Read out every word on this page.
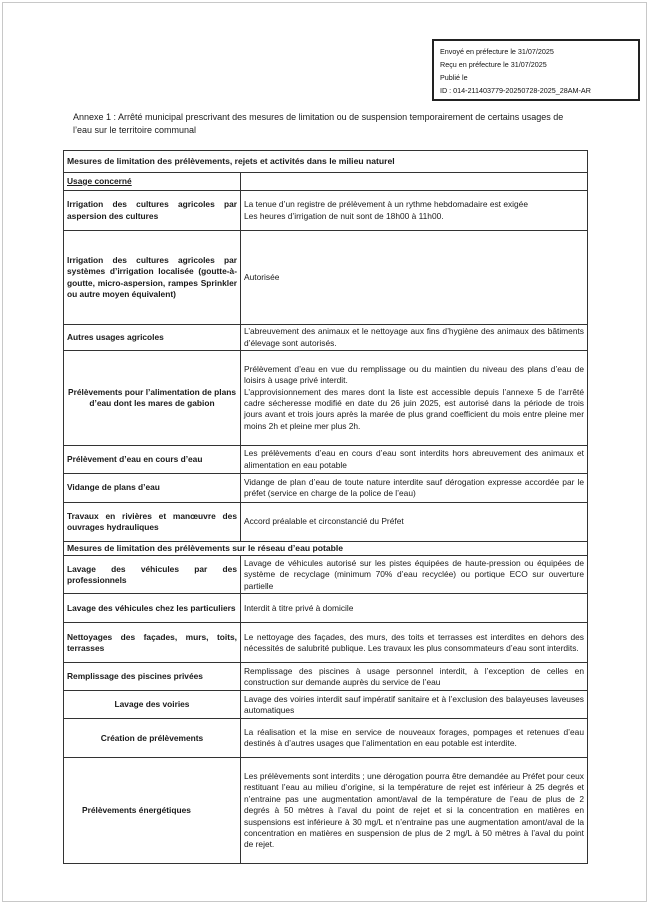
Envoyé en préfecture le 31/07/2025
Reçu en préfecture le 31/07/2025
Publié le
ID : 014-211403779-20250728-2025_28AM-AR
Annexe 1 : Arrêté municipal prescrivant des mesures de limitation ou de suspension temporairement de certains usages de l’eau sur le territoire communal
Mesures de limitation des prélèvements, rejets et activités dans le milieu naturel	
Usage concerné	
Irrigation des cultures agricoles par aspersion des cultures	La tenue d’un registre de prélèvement à un rythme hebdomadaire est exigée
Les heures d’irrigation de nuit sont de 18h00 à 11h00.
Irrigation des cultures agricoles par systèmes d’irrigation localisée (goutte-à-goutte, micro-aspersion, rampes Sprinkler ou autre moyen équivalent)	Autorisée
Autres usages agricoles	L’abreuvement des animaux et le nettoyage aux fins d’hygiène des animaux des bâtiments d’élevage sont autorisés.
Prélèvements pour l’alimentation de plans d’eau dont les mares de gabion	Prélèvement d’eau en vue du remplissage ou du maintien du niveau des plans d’eau de loisirs à usage privé interdit.
L’approvisionnement des mares dont la liste est accessible depuis l’annexe 5 de l’arrêté cadre sécheresse modifié en date du 26 juin 2025, est autorisé dans la période de trois jours avant et trois jours après la marée de plus grand coefficient du mois entre pleine mer moins 2h et pleine mer plus 2h.
Prélèvement d’eau en cours d’eau	Les prélèvements d’eau en cours d’eau sont interdits hors abreuvement des animaux et alimentation en eau potable
Vidange de plans d’eau	Vidange de plan d’eau de toute nature interdite sauf dérogation expresse accordée par le préfet (service en charge de la police de l’eau)
Travaux en rivières et manœuvre des ouvrages hydrauliques	Accord préalable et circonstancié du Préfet
Mesures de limitation des prélèvements sur le réseau d’eau potable	
Lavage des véhicules par des professionnels	Lavage de véhicules autorisé sur les pistes équipées de haute-pression ou équipées de système de recyclage (minimum 70% d’eau recyclée) ou portique ECO sur ouverture partielle
Lavage des véhicules chez les particuliers	Interdit à titre privé à domicile
Nettoyages des façades, murs, toits, terrasses	Le nettoyage des façades, des murs, des toits et terrasses est interdites en dehors des nécessités de salubrité publique. Les travaux les plus consommateurs d’eau sont interdits.
Remplissage des piscines privées	Remplissage des piscines à usage personnel interdit, à l’exception de celles en construction sur demande auprès du service de l’eau
Lavage des voiries	Lavage des voiries interdit sauf impératif sanitaire et à l’exclusion des balayeuses laveuses automatiques
Création de prélèvements	La réalisation et la mise en service de nouveaux forages, pompages et retenues d’eau destinés à d’autres usages que l’alimentation en eau potable est interdite.
Prélèvements énergétiques	Les prélèvements sont interdits ; une dérogation pourra être demandée au Préfet pour ceux restituant l’eau au milieu d’origine, si la température de rejet est inférieur à 25 degrés et n’entraine pas une augmentation amont/aval de la température de l’eau de plus de 2 degrés à 50 mètres à l’aval du point de rejet et si la concentration en matières en suspensions est inférieure à 30 mg/L et n’entraine pas une augmentation amont/aval de la concentration en matières en suspension de plus de 2 mg/L à 50 mètres à l’aval du point de rejet.
